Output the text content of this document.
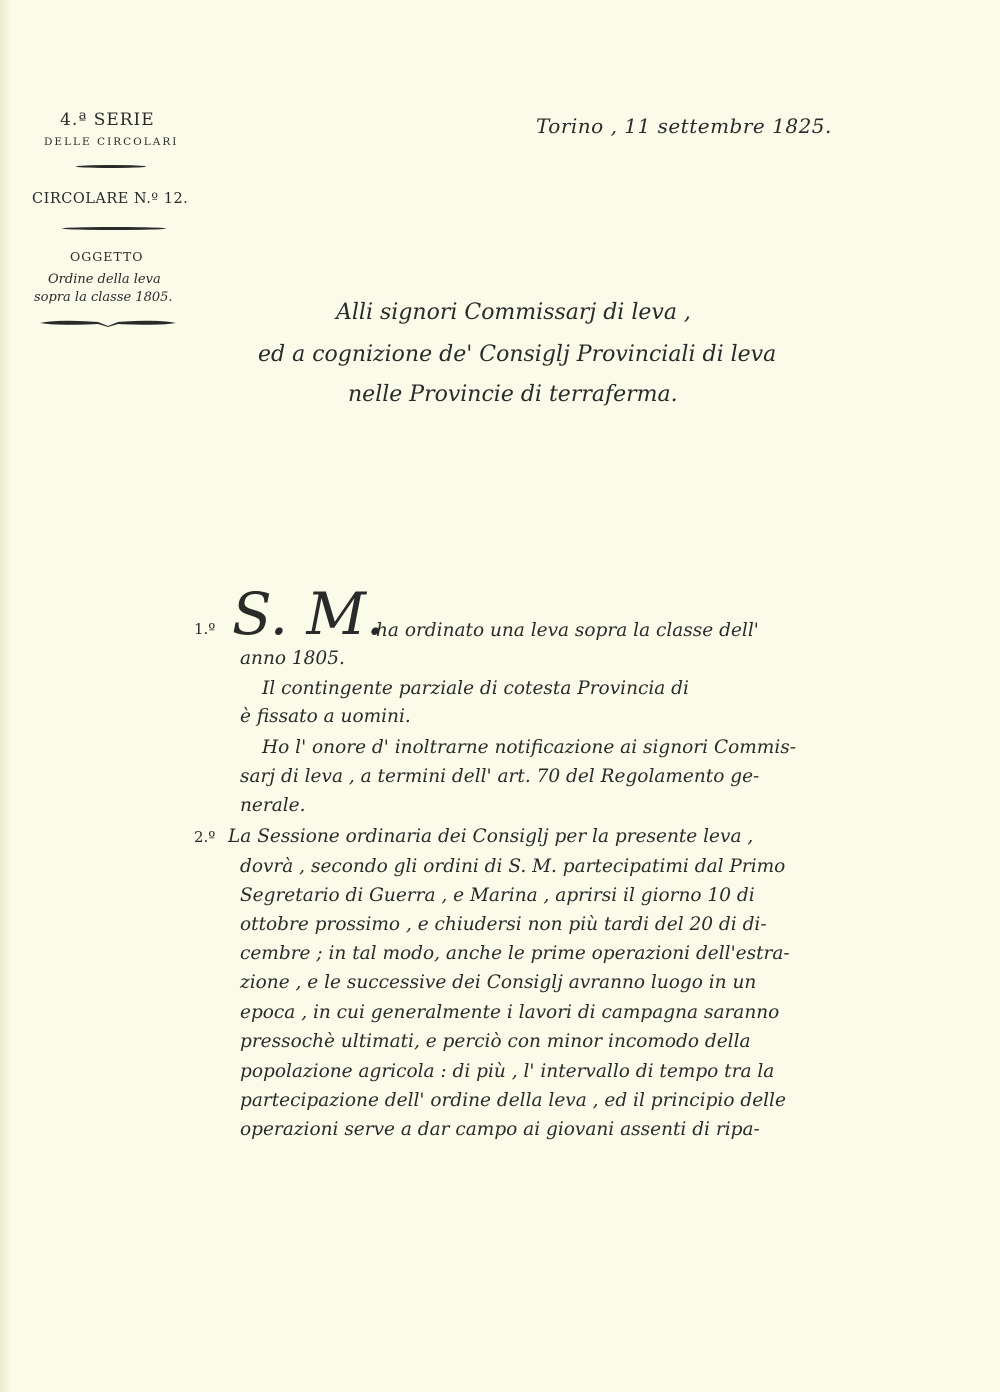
4.ª SERIE
DELLE CIRCOLARI
CIRCOLARE N.º 12.
OGGETTO
Ordine della leva
sopra la classe 1805.
Torino , 11 settembre 1825.
Alli signori Commissarj di leva ,
ed a cognizione de' Consiglj Provinciali di leva
nelle Provincie di terraferma.
1.º S. M.
ha ordinato una leva sopra la classe dell'
anno 1805.
Il contingente parziale di cotesta Provincia di
è fissato a uomini.
Ho l' onore d' inoltrarne notificazione ai signori Commis-
sarj di leva , a termini dell' art. 70 del Regolamento ge-
nerale.
2.º La Sessione ordinaria dei Consiglj per la presente leva ,
dovrà , secondo gli ordini di S. M. partecipatimi dal Primo
Segretario di Guerra , e Marina , aprirsi il giorno 10 di
ottobre prossimo , e chiudersi non più tardi del 20 di di-
cembre ; in tal modo, anche le prime operazioni dell'estra-
zione , e le successive dei Consiglj avranno luogo in un
epoca , in cui generalmente i lavori di campagna saranno
pressochè ultimati, e perciò con minor incomodo della
popolazione agricola : di più , l' intervallo di tempo tra la
partecipazione dell' ordine della leva , ed il principio delle
operazioni serve a dar campo ai giovani assenti di ripa-
